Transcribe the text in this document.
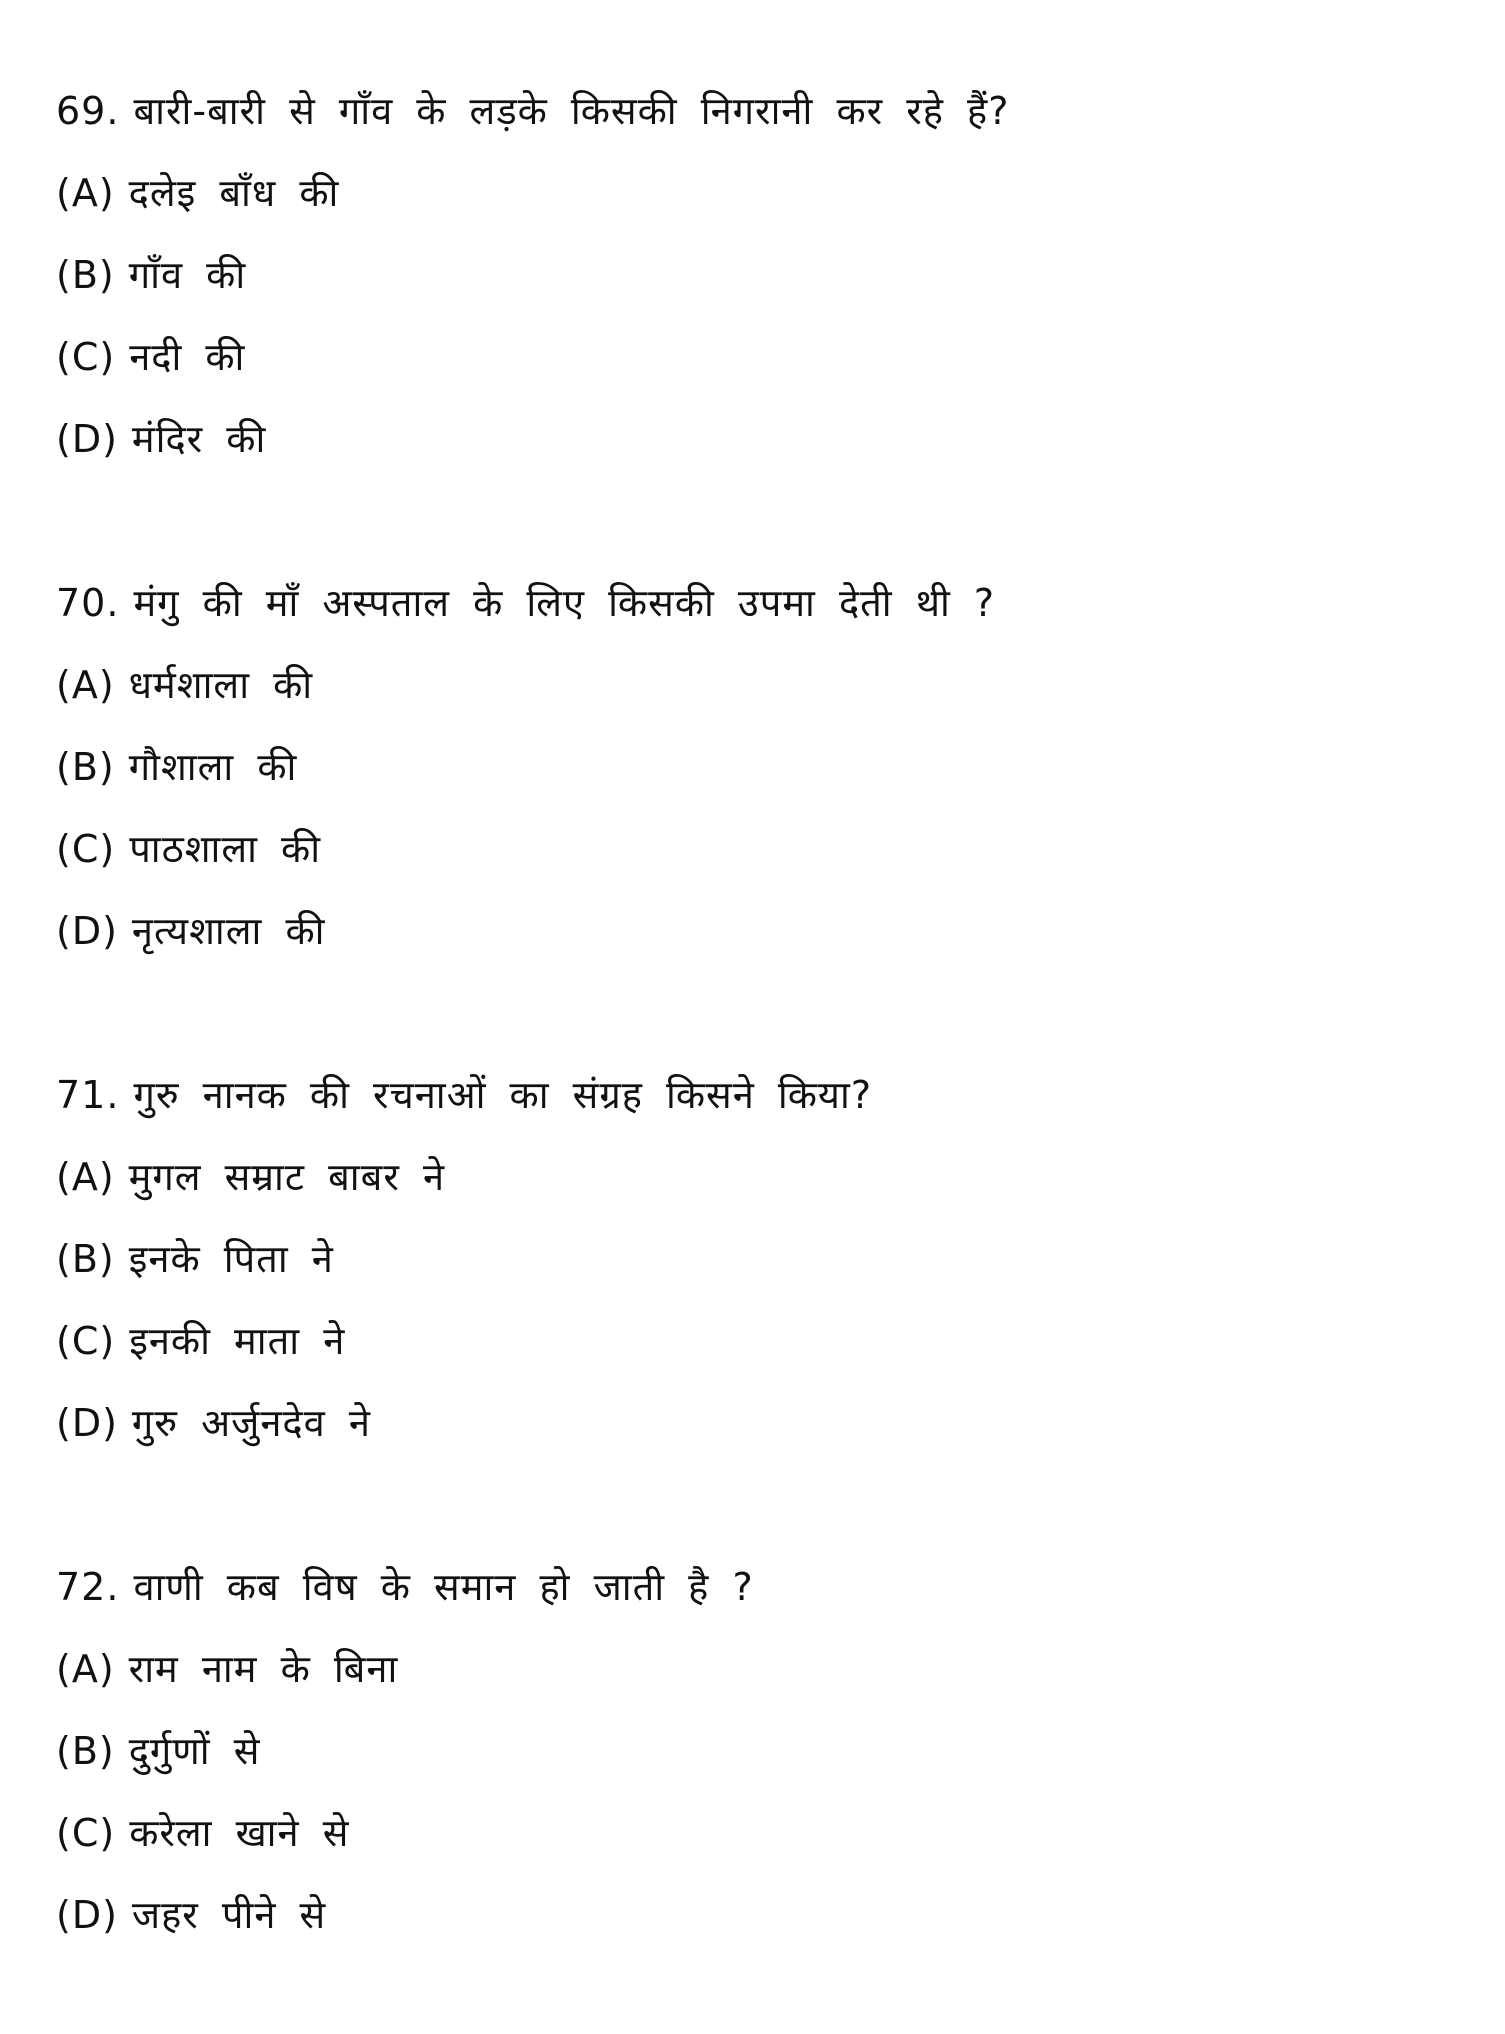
69. बारी-बारी से गाँव के लड़के किसकी निगरानी कर रहे हैं?
(A) दलेइ बाँध की
(B) गाँव की
(C) नदी की
(D) मंदिर की
70. मंगु की माँ अस्पताल के लिए किसकी उपमा देती थी ?
(A) धर्मशाला की
(B) गौशाला की
(C) पाठशाला की
(D) नृत्यशाला की
71. गुरु नानक की रचनाओं का संग्रह किसने किया?
(A) मुगल सम्राट बाबर ने
(B) इनके पिता ने
(C) इनकी माता ने
(D) गुरु अर्जुनदेव ने
72. वाणी कब विष के समान हो जाती है ?
(A) राम नाम के बिना
(B) दुर्गुणों से
(C) करेला खाने से
(D) जहर पीने से
